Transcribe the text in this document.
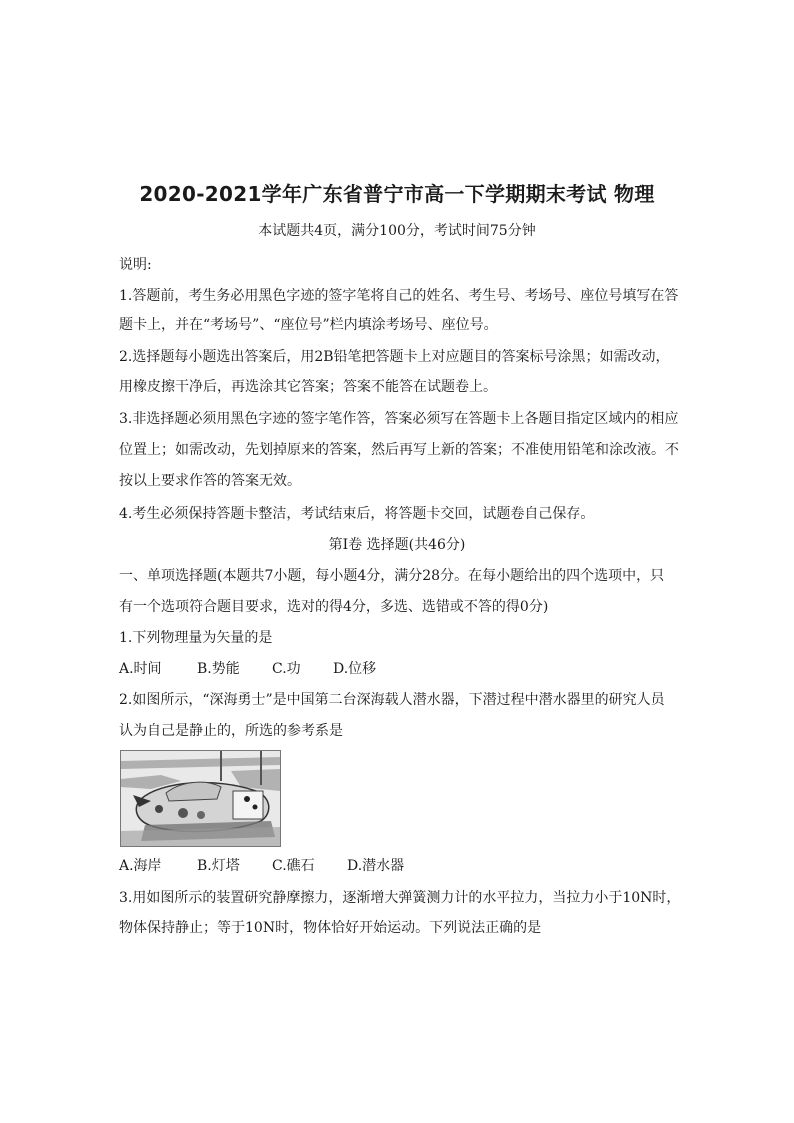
2020-2021学年广东省普宁市高一下学期期末考试 物理
本试题共4页，满分100分，考试时间75分钟
说明:
1.答题前，考生务必用黑色字迹的签字笔将自己的姓名、考生号、考场号、座位号填写在答
题卡上，并在“考场号”、“座位号”栏内填涂考场号、座位号。
2.选择题每小题选出答案后，用2B铅笔把答题卡上对应题目的答案标号涂黑；如需改动，
用橡皮擦干净后，再选涂其它答案；答案不能答在试题卷上。
3.非选择题必须用黑色字迹的签字笔作答，答案必须写在答题卡上各题目指定区域内的相应
位置上；如需改动，先划掉原来的答案，然后再写上新的答案；不准使用铅笔和涂改液。不
按以上要求作答的答案无效。
4.考生必须保持答题卡整洁，考试结束后，将答题卡交回，试题卷自己保存。
第Ⅰ卷 选择题(共46分)
一、单项选择题(本题共7小题，每小题4分，满分28分。在每小题给出的四个选项中，只
有一个选项符合题目要求，选对的得4分，多选、选错或不答的得0分)
1.下列物理量为矢量的是
A.时间	B.势能 C.功 D.位移
2.如图所示，“深海勇士”是中国第二台深海载人潜水器，下潜过程中潜水器里的研究人员
认为自己是静止的，所选的参考系是
A.海岸	B.灯塔 C.礁石 D.潜水器
3.用如图所示的装置研究静摩擦力，逐渐增大弹簧测力计的水平拉力，当拉力小于10N时，
物体保持静止；等于10N时，物体恰好开始运动。下列说法正确的是
